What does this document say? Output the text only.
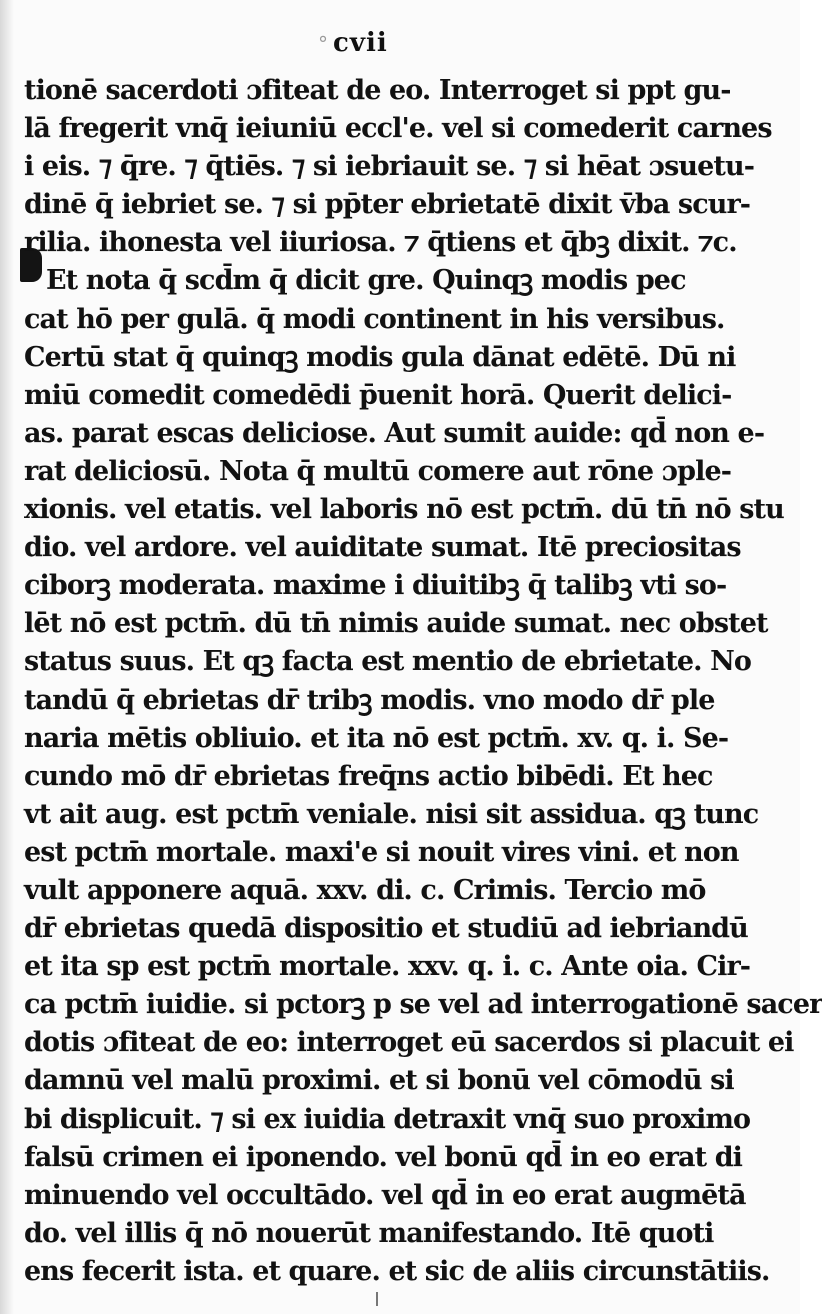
° cvii
tionē sacerdoti ɔfiteat de eo. Interroget si ppt gu-
lā fregerit vnq̄ ieiuniū eccl'e. vel si comederit carnes
i eis. ⁊ q̄re. ⁊ q̄tiēs. ⁊ si iebriauit se. ⁊ si hēat ɔsuetu-
dinē q̄ iebriet se. ⁊ si pp̄ter ebrietatē dixit v̄ba scur-
rilia. ihonesta vel iiuriosa. ⁊ q̄tiens et q̄bꝫ dixit. ⁊c.
Et nota q̄ scd̄m q̄ dicit gre. Quinqꝫ modis pec
cat hō per gulā. q̄ modi continent in his versibus.
Certū stat q̄ quinqꝫ modis gula dānat edētē. Dū ni
miū comedit comedēdi p̄uenit horā. Querit delici-
as. parat escas deliciose. Aut sumit auide: qd̄ non e-
rat deliciosū. Nota q̄ multū comere aut rōne ɔple-
xionis. vel etatis. vel laboris nō est pctm̄. dū tn̄ nō stu
dio. vel ardore. vel auiditate sumat. Itē preciositas
ciborꝫ moderata. maxime i diuitibꝫ q̄ talibꝫ vti so-
lēt nō est pctm̄. dū tn̄ nimis auide sumat. nec obstet
status suus. Et qꝫ facta est mentio de ebrietate. No
tandū q̄ ebrietas dr̄ tribꝫ modis. vno modo dr̄ ple
naria mētis obliuio. et ita nō est pctm̄. xv. q. i. Se-
cundo mō dr̄ ebrietas freq̄ns actio bibēdi. Et hec
vt ait aug. est pctm̄ veniale. nisi sit assidua. qꝫ tunc
est pctm̄ mortale. maxi'e si nouit vires vini. et non
vult apponere aquā. xxv. di. c. Crimis. Tercio mō
dr̄ ebrietas quedā dispositio et studiū ad iebriandū
et ita sp est pctm̄ mortale. xxv. q. i. c. Ante oia. Cir-
ca pctm̄ iuidie. si pctorꝫ p se vel ad interrogationē sacer
dotis ɔfiteat de eo: interroget eū sacerdos si placuit ei
damnū vel malū proximi. et si bonū vel cōmodū si
bi displicuit. ⁊ si ex iuidia detraxit vnq̄ suo proximo
falsū crimen ei iponendo. vel bonū qd̄ in eo erat di
minuendo vel occultādo. vel qd̄ in eo erat augmētā
do. vel illis q̄ nō nouerūt manifestando. Itē quoti
ens fecerit ista. et quare. et sic de aliis circunstātiis.
